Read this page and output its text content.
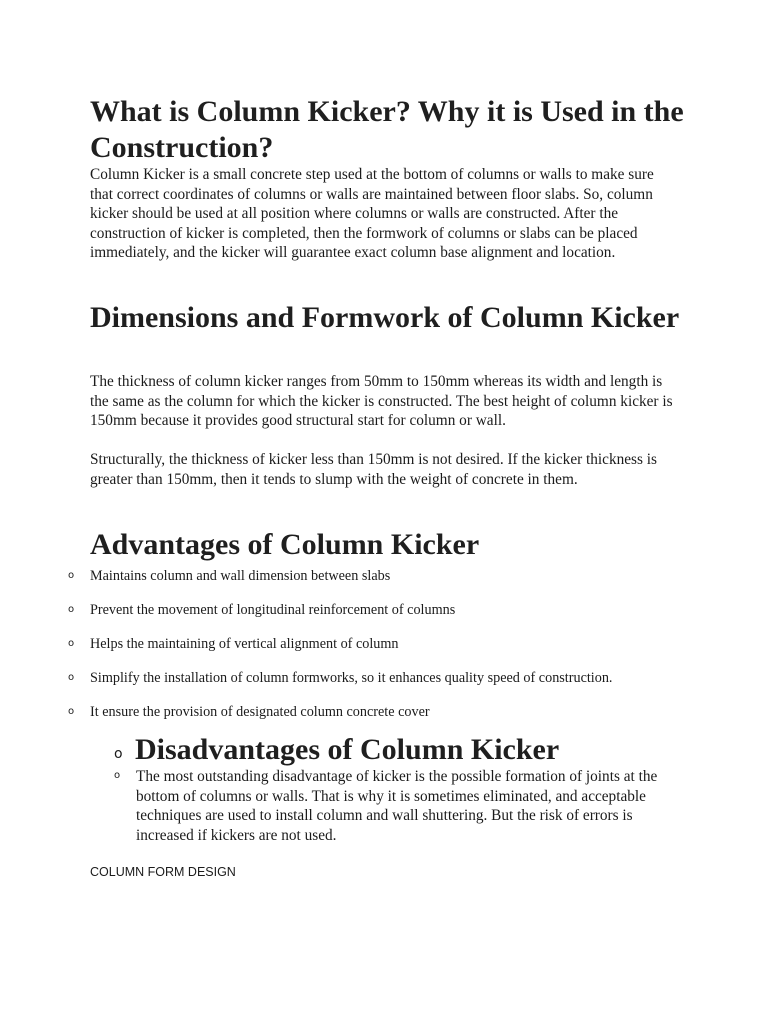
What is Column Kicker? Why it is Used in the Construction?

Column Kicker is a small concrete step used at the bottom of columns or walls to make sure that correct coordinates of columns or walls are maintained between floor slabs. So, column kicker should be used at all position where columns or walls are constructed. After the construction of kicker is completed, then the formwork of columns or slabs can be placed immediately, and the kicker will guarantee exact column base alignment and location.

Dimensions and Formwork of Column Kicker

The thickness of column kicker ranges from 50mm to 150mm whereas its width and length is the same as the column for which the kicker is constructed. The best height of column kicker is 150mm because it provides good structural start for column or wall.

Structurally, the thickness of kicker less than 150mm is not desired. If the kicker thickness is greater than 150mm, then it tends to slump with the weight of concrete in them.

Advantages of Column Kicker
o Maintains column and wall dimension between slabs
o Prevent the movement of longitudinal reinforcement of columns
o Helps the maintaining of vertical alignment of column
o Simplify the installation of column formworks, so it enhances quality speed of construction.
o It ensure the provision of designated column concrete cover
o Disadvantages of Column Kicker
o The most outstanding disadvantage of kicker is the possible formation of joints at the bottom of columns or walls. That is why it is sometimes eliminated, and acceptable techniques are used to install column and wall shuttering. But the risk of errors is increased if kickers are not used.

COLUMN FORM DESIGN
